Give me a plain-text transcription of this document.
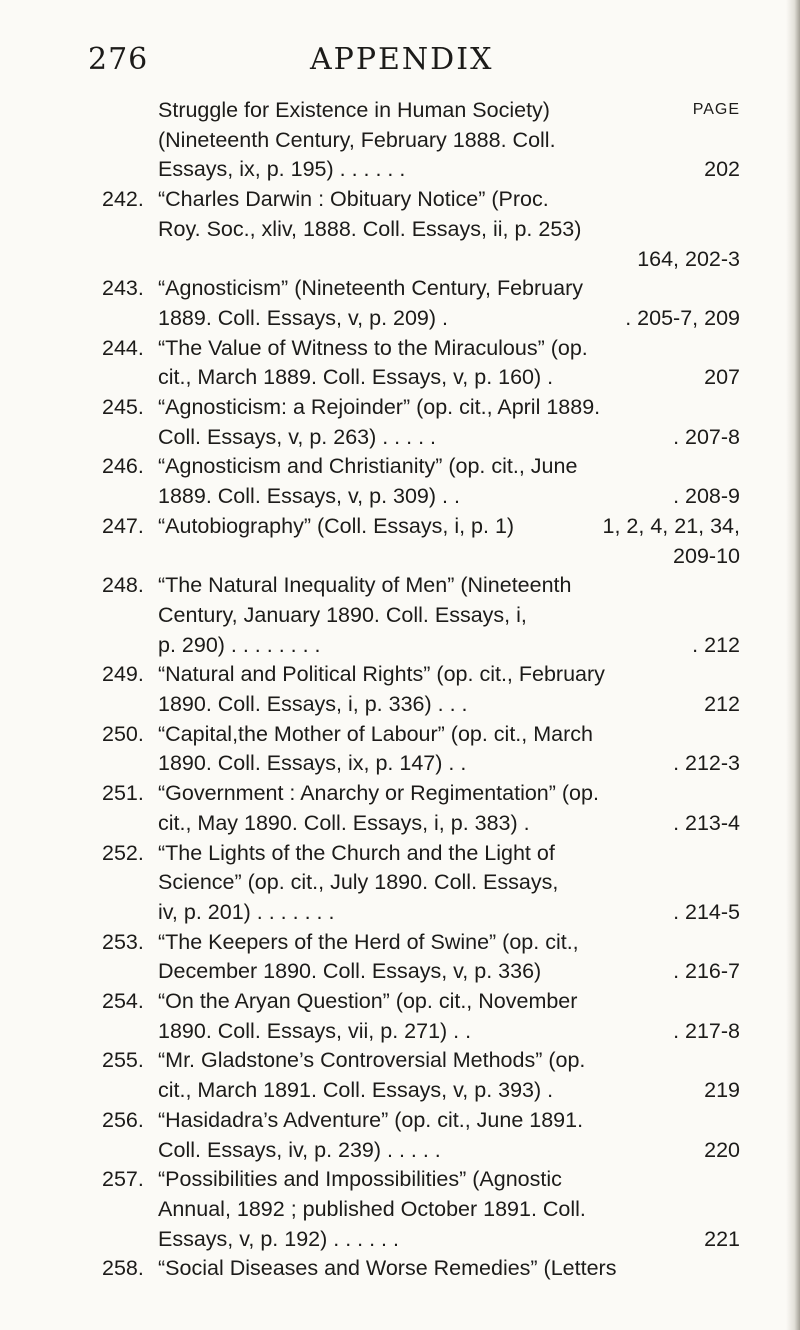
276	APPENDIX
PAGE
Struggle for Existence in Human Society)
(Nineteenth Century, February 1888. Coll.
Essays, ix, p. 195) . . . . . .	202
242. “Charles Darwin : Obituary Notice” (Proc.
Roy. Soc., xliv, 1888. Coll. Essays, ii, p. 253)
164, 202-3
243. “Agnosticism” (Nineteenth Century, February
1889. Coll. Essays, v, p. 209) .	. 205-7, 209
244. “The Value of Witness to the Miraculous” (op.
cit., March 1889. Coll. Essays, v, p. 160) .	207
245. “Agnosticism: a Rejoinder” (op. cit., April 1889.
Coll. Essays, v, p. 263) . . . . .	. 207-8
246. “Agnosticism and Christianity” (op. cit., June
1889. Coll. Essays, v, p. 309) . .	. 208-9
247. “Autobiography” (Coll. Essays, i, p. 1)	1, 2, 4, 21, 34,
209-10
248. “The Natural Inequality of Men” (Nineteenth
Century, January 1890. Coll. Essays, i,
p. 290) . . . . . . . .	. 212
249. “Natural and Political Rights” (op. cit., February
1890. Coll. Essays, i, p. 336) . . .	212
250. “Capital,the Mother of Labour” (op. cit., March
1890. Coll. Essays, ix, p. 147) . .	. 212-3
251. “Government : Anarchy or Regimentation” (op.
cit., May 1890. Coll. Essays, i, p. 383) .	. 213-4
252. “The Lights of the Church and the Light of
Science” (op. cit., July 1890. Coll. Essays,
iv, p. 201) . . . . . . .	. 214-5
253. “The Keepers of the Herd of Swine” (op. cit.,
December 1890. Coll. Essays, v, p. 336)	. 216-7
254. “On the Aryan Question” (op. cit., November
1890. Coll. Essays, vii, p. 271) . .	. 217-8
255. “Mr. Gladstone’s Controversial Methods” (op.
cit., March 1891. Coll. Essays, v, p. 393) .	219
256. “Hasidadra’s Adventure” (op. cit., June 1891.
Coll. Essays, iv, p. 239) . . . . .	220
257. “Possibilities and Impossibilities” (Agnostic
Annual, 1892 ; published October 1891. Coll.
Essays, v, p. 192) . . . . . .	221
258. “Social Diseases and Worse Remedies” (Letters
